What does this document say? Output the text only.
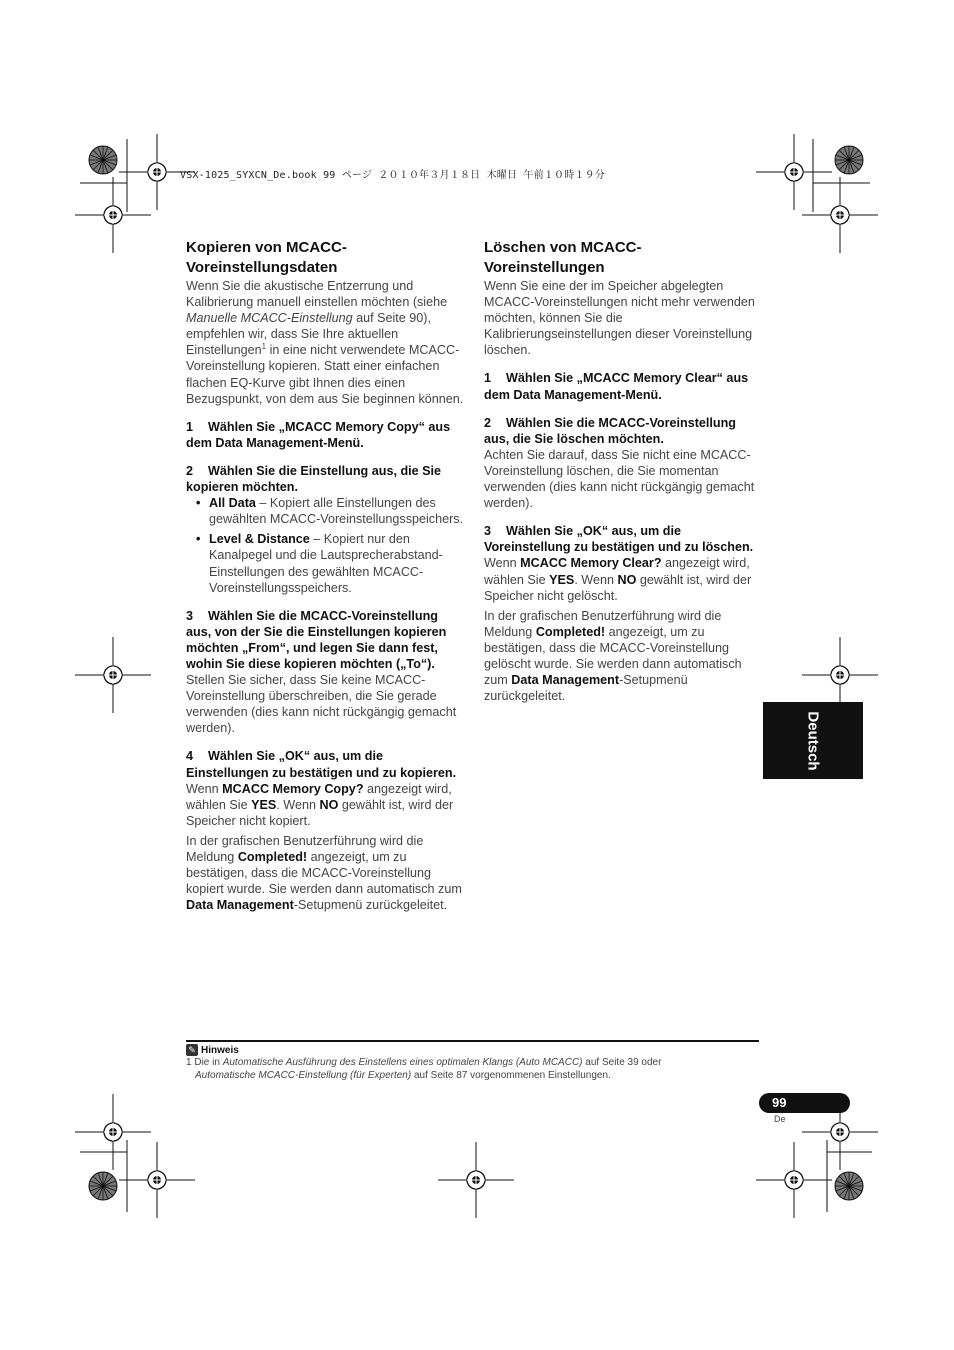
VSX-1025_SYXCN_De.book 99 ページ ２０１０年３月１８日 木曜日 午前１０時１９分
Kopieren von MCACC-Voreinstellungsdaten

Wenn Sie die akustische Entzerrung und Kalibrierung manuell einstellen möchten (siehe Manuelle MCACC-Einstellung auf Seite 90), empfehlen wir, dass Sie Ihre aktuellen Einstellungen$^1$ in eine nicht verwendete MCACC-Voreinstellung kopieren. Statt einer einfachen flachen EQ-Kurve gibt Ihnen dies einen Bezugspunkt, von dem aus Sie beginnen können.

1 Wählen Sie „MCACC Memory Copy“ aus dem Data Management-Menü.

2 Wählen Sie die Einstellung aus, die Sie kopieren möchten.

• All Data – Kopiert alle Einstellungen des gewählten MCACC-Voreinstellungsspeichers.
• Level & Distance – Kopiert nur den Kanalpegel und die Lautsprecherabstand-Einstellungen des gewählten MCACC-Voreinstellungsspeichers.

3 Wählen Sie die MCACC-Voreinstellung aus, von der Sie die Einstellungen kopieren möchten „From“, und legen Sie dann fest, wohin Sie diese kopieren möchten („To“).

Stellen Sie sicher, dass Sie keine MCACC-Voreinstellung überschreiben, die Sie gerade verwenden (dies kann nicht rückgängig gemacht werden).

4 Wählen Sie „OK“ aus, um die Einstellungen zu bestätigen und zu kopieren.

Wenn MCACC Memory Copy? angezeigt wird, wählen Sie YES. Wenn NO gewählt ist, wird der Speicher nicht kopiert.

In der grafischen Benutzerführung wird die Meldung Completed! angezeigt, um zu bestätigen, dass die MCACC-Voreinstellung kopiert wurde. Sie werden dann automatisch zum Data Management-Setupmenü zurückgeleitet.

Löschen von MCACC-Voreinstellungen

Wenn Sie eine der im Speicher abgelegten MCACC-Voreinstellungen nicht mehr verwenden möchten, können Sie die Kalibrierungseinstellungen dieser Voreinstellung löschen.

1 Wählen Sie „MCACC Memory Clear“ aus dem Data Management-Menü.

2 Wählen Sie die MCACC-Voreinstellung aus, die Sie löschen möchten.

Achten Sie darauf, dass Sie nicht eine MCACC-Voreinstellung löschen, die Sie momentan verwenden (dies kann nicht rückgängig gemacht werden).

3 Wählen Sie „OK“ aus, um die Voreinstellung zu bestätigen und zu löschen.

Wenn MCACC Memory Clear? angezeigt wird, wählen Sie YES. Wenn NO gewählt ist, wird der Speicher nicht gelöscht.

In der grafischen Benutzerführung wird die Meldung Completed! angezeigt, um zu bestätigen, dass die MCACC-Voreinstellung gelöscht wurde. Sie werden dann automatisch zum Data Management-Setupmenü zurückgeleitet.

Deutsch
✎ Hinweis
1 Die in Automatische Ausführung des Einstellens eines optimalen Klangs (Auto MCACC) auf Seite 39 oder
Automatische MCACC-Einstellung (für Experten) auf Seite 87 vorgenommenen Einstellungen.
99
De
